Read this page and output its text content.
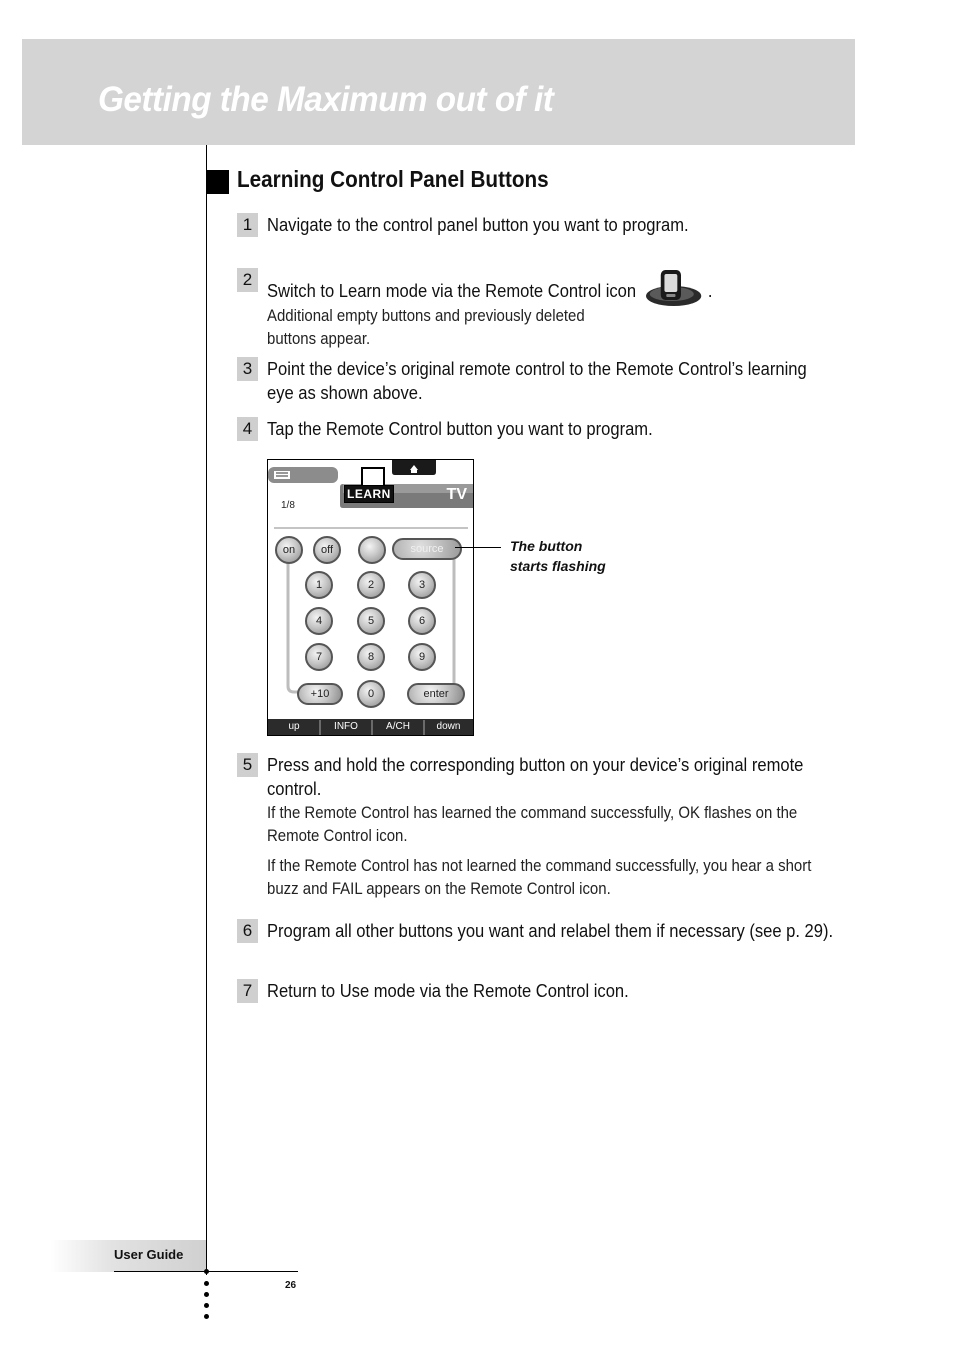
Getting the Maximum out of it
Learning Control Panel Buttons
1 Navigate to the control panel button you want to program.

2

Switch to Learn mode via the Remote Control icon	.

Additional empty buttons and previously deleted buttons appear.

3 Point the device’s original remote control to the Remote Control’s learning eye as shown above.

4 Tap the Remote Control button you want to program.

LEARN	TV
1/8
on	off	source
1	2	3
4	5	6
7	8	9
+10	0	enter
up	INFO	A/CH	down

The button
starts flashing

5 Press and hold the corresponding button on your device’s original remote control.

If the Remote Control has learned the command successfully, OK flashes on the Remote Control icon.

If the Remote Control has not learned the command successfully, you hear a short buzz and FAIL appears on the Remote Control icon.

6 Program all other buttons you want and relabel them if necessary (see p. 29).

7 Return to Use mode via the Remote Control icon.

User Guide

26
